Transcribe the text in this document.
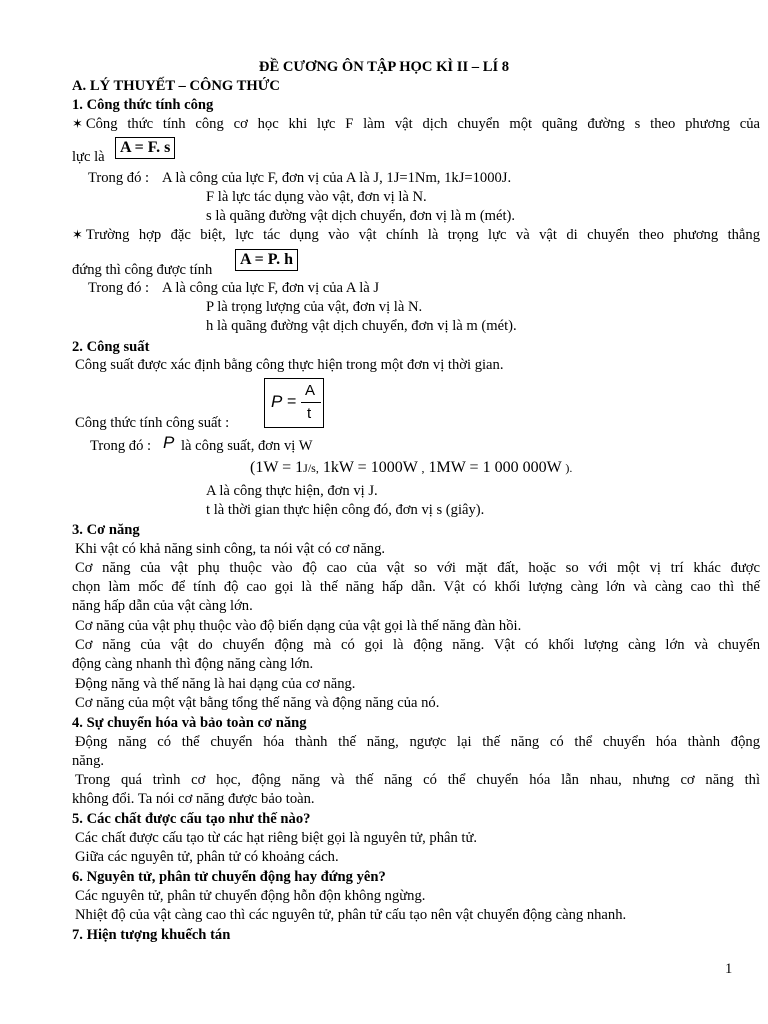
ĐỀ CƯƠNG ÔN TẬP HỌC KÌ II – LÍ 8
A. LÝ THUYẾT – CÔNG THỨC
1. Công thức tính công
✶ Công thức tính công cơ học khi lực F làm vật dịch chuyển một quãng đường s theo phương của
lực là
A = F. s
Trong đó : A là công của lực F, đơn vị của A là J, 1J=1Nm, 1kJ=1000J.
F là lực tác dụng vào vật, đơn vị là N.
s là quãng đường vật dịch chuyển, đơn vị là m (mét).
✶ Trường hợp đặc biệt, lực tác dụng vào vật chính là trọng lực và vật di chuyển theo phương thẳng
đứng thì công được tính
A = P. h
Trong đó : A là công của lực F, đơn vị của A là J
P là trọng lượng của vật, đơn vị là N.
h là quãng đường vật dịch chuyển, đơn vị là m (mét).
2. Công suất
Công suất được xác định bằng công thực hiện trong một đơn vị thời gian.
Công thức tính công suất :
P =
A
t
Trong đó : P là công suất, đơn vị W
(1W = 1J/s, 1kW = 1000W , 1MW = 1 000 000W ).
A là công thực hiện, đơn vị J.
t là thời gian thực hiện công đó, đơn vị s (giây).
3. Cơ năng
Khi vật có khả năng sinh công, ta nói vật có cơ năng.
Cơ năng của vật phụ thuộc vào độ cao của vật so với mặt đất, hoặc so với một vị trí khác được
chọn làm mốc để tính độ cao gọi là thế năng hấp dẫn. Vật có khối lượng càng lớn và càng cao thì thế
năng hấp dẫn của vật càng lớn.
Cơ năng của vật phụ thuộc vào độ biến dạng của vật gọi là thế năng đàn hồi.
Cơ năng của vật do chuyển động mà có gọi là động năng. Vật có khối lượng càng lớn và chuyển
động càng nhanh thì động năng càng lớn.
Động năng và thế năng là hai dạng của cơ năng.
Cơ năng của một vật bằng tổng thế năng và động năng của nó.
4. Sự chuyển hóa và bảo toàn cơ năng
Động năng có thể chuyển hóa thành thế năng, ngược lại thế năng có thể chuyển hóa thành động
năng.
Trong quá trình cơ học, động năng và thế năng có thể chuyển hóa lẫn nhau, nhưng cơ năng thì
không đổi. Ta nói cơ năng được bảo toàn.
5. Các chất được cấu tạo như thế nào?
Các chất được cấu tạo từ các hạt riêng biệt gọi là nguyên tử, phân tử.
Giữa các nguyên tử, phân tử có khoảng cách.
6. Nguyên tử, phân tử chuyển động hay đứng yên?
Các nguyên tử, phân tử chuyển động hỗn độn không ngừng.
Nhiệt độ của vật càng cao thì các nguyên tử, phân tử cấu tạo nên vật chuyển động càng nhanh.
7. Hiện tượng khuếch tán
1
